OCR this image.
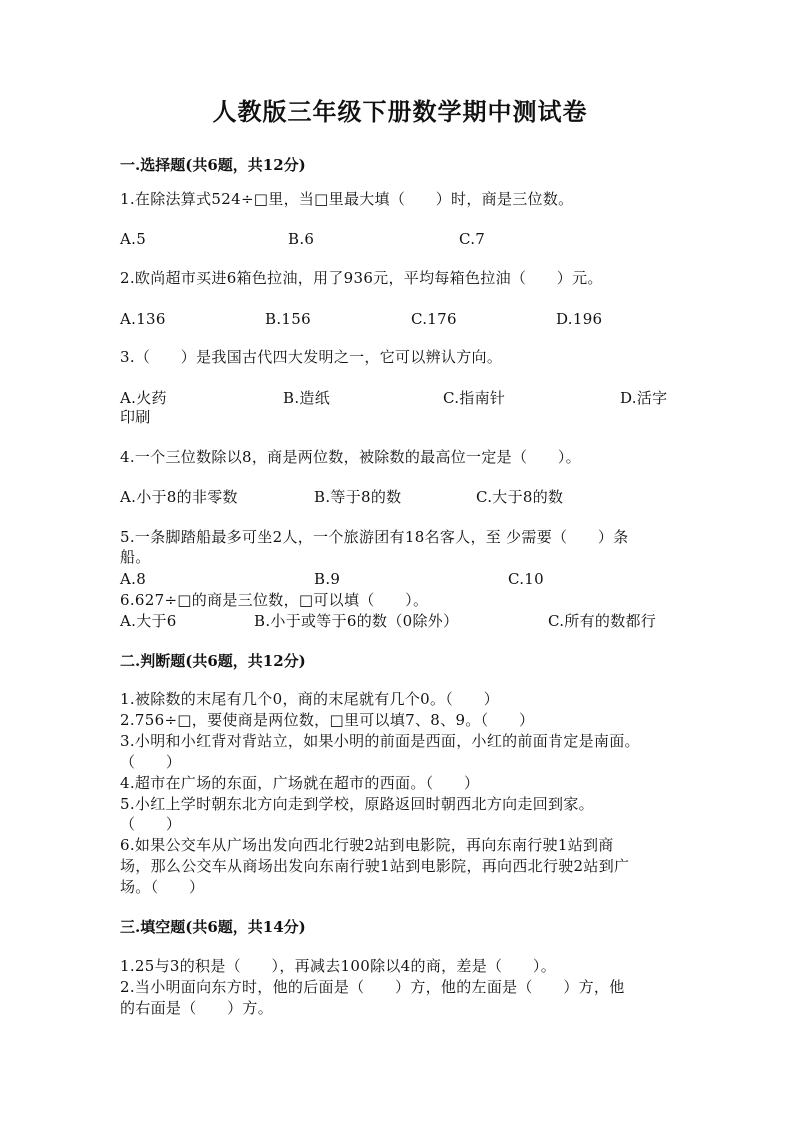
人教版三年级下册数学期中测试卷
一.选择题(共6题，共12分)
1.在除法算式524÷□里，当□里最大填（　　）时，商是三位数。
A.5	B.6	C.7
2.欧尚超市买进6箱色拉油，用了936元，平均每箱色拉油（　　）元。
A.136	B.156	C.176	D.196
3.（　　）是我国古代四大发明之一，它可以辨认方向。
A.火药	B.造纸	C.指南针	D.活字
印刷
4.一个三位数除以8，商是两位数，被除数的最高位一定是（　　）。
A.小于8的非零数	B.等于8的数	C.大于8的数
5.一条脚踏船最多可坐2人，一个旅游团有18名客人，至 少需要（　　）条
船。
A.8	B.9	C.10
6.627÷□的商是三位数，□可以填（　　）。
A.大于6	B.小于或等于6的数（0除外）	C.所有的数都行
二.判断题(共6题，共12分)
1.被除数的末尾有几个0，商的末尾就有几个0。（　　）
2.756÷□，要使商是两位数，□里可以填7、8、9。（　　）
3.小明和小红背对背站立，如果小明的前面是西面，小红的前面肯定是南面。
（　　）
4.超市在广场的东面，广场就在超市的西面。（　　）
5.小红上学时朝东北方向走到学校，原路返回时朝西北方向走回到家。
（　　）
6.如果公交车从广场出发向西北行驶2站到电影院，再向东南行驶1站到商
场，那么公交车从商场出发向东南行驶1站到电影院，再向西北行驶2站到广
场。（　　）
三.填空题(共6题，共14分)
1.25与3的积是（　　），再减去100除以4的商，差是（　　）。
2.当小明面向东方时，他的后面是（　　）方，他的左面是（　　）方，他
的右面是（　　）方。
